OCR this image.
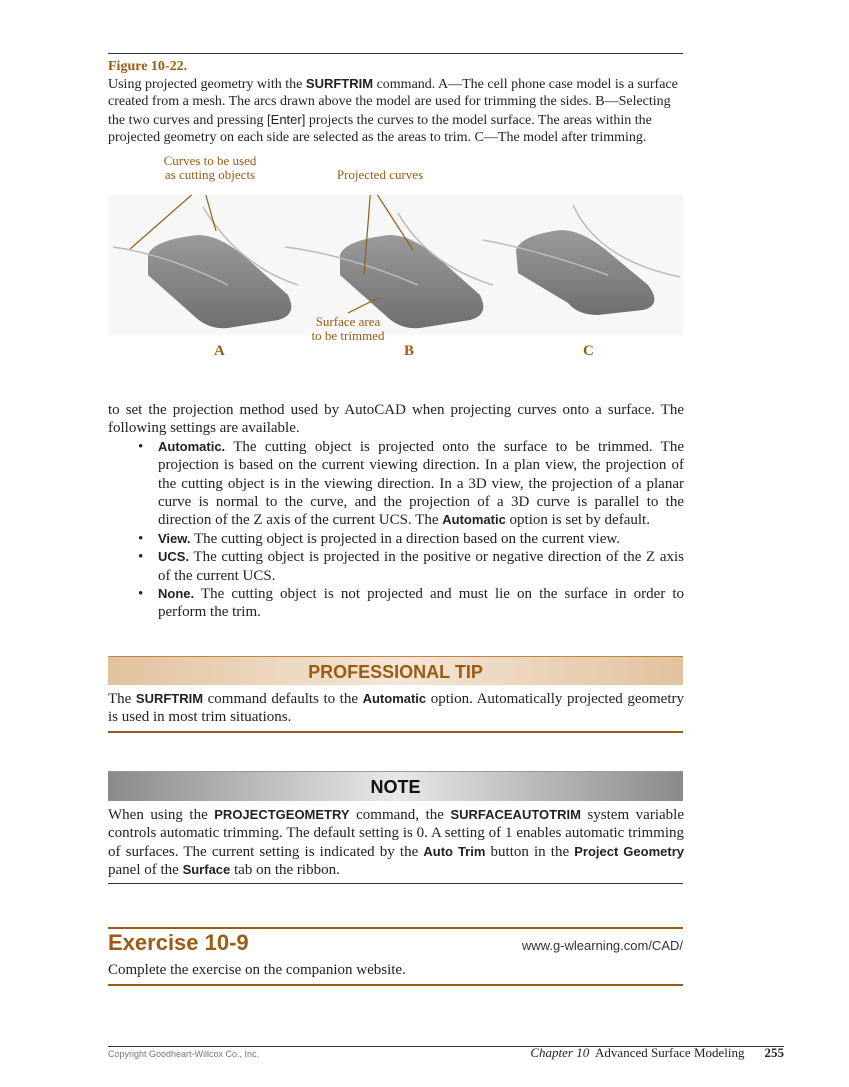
Figure 10-22.
Using projected geometry with the SURFTRIM command. A—The cell phone case model is a surface created from a mesh. The arcs drawn above the model are used for trimming the sides. B—Selecting the two curves and pressing [Enter] projects the curves to the model surface. The areas within the projected geometry on each side are selected as the areas to trim. C—The model after trimming.
Curves to be used
as cutting objects	Projected curves
Surface area
to be trimmed
A	B	C
to set the projection method used by AutoCAD when projecting curves onto a surface. The following settings are available.
• Automatic. The cutting object is projected onto the surface to be trimmed. The projection is based on the current viewing direction. In a plan view, the projection of the cutting object is in the viewing direction. In a 3D view, the projection of a planar curve is normal to the curve, and the projection of a 3D curve is parallel to the direction of the Z axis of the current UCS. The Automatic option is set by default.
• View. The cutting object is projected in a direction based on the current view.
• UCS. The cutting object is projected in the positive or negative direction of the Z axis of the current UCS.
• None. The cutting object is not projected and must lie on the surface in order to perform the trim.
PROFESSIONAL TIP
The SURFTRIM command defaults to the Automatic option. Automatically projected geometry is used in most trim situations.
NOTE
When using the PROJECTGEOMETRY command, the SURFACEAUTOTRIM system variable controls automatic trimming. The default setting is 0. A setting of 1 enables automatic trimming of surfaces. The current setting is indicated by the Auto Trim button in the Project Geometry panel of the Surface tab on the ribbon.
Exercise 10-9	www.g-wlearning.com/CAD/
Complete the exercise on the companion website.
Copyright Goodheart-Willcox Co., Inc.	Chapter 10 Advanced Surface Modeling 255
